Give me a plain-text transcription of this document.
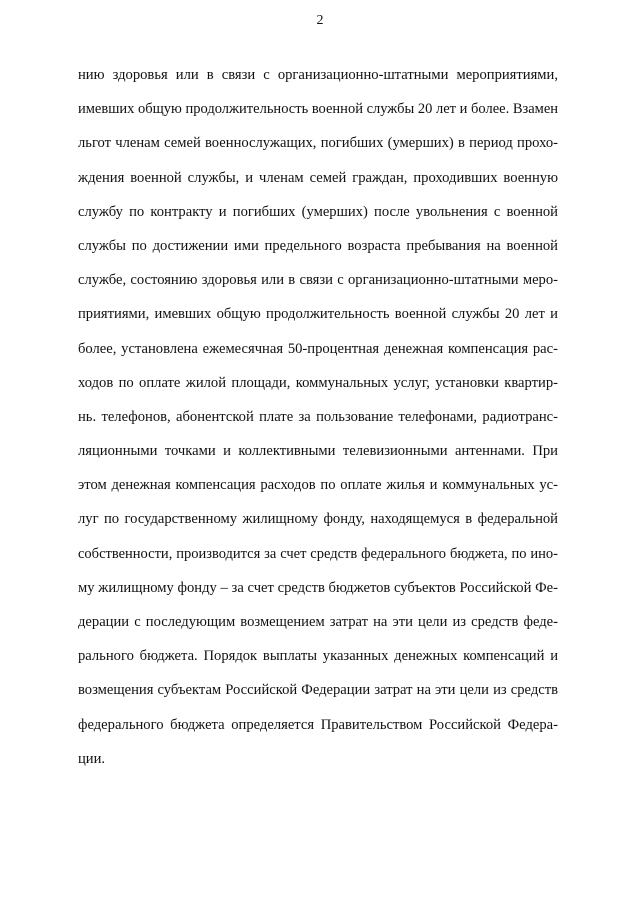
2
нию здоровья или в связи с организационно-штатными мероприятиями,
имевших общую продолжительность военной службы 20 лет и более. Взамен
льгот членам семей военнослужащих, погибших (умерших) в период прохо-
ждения военной службы, и членам семей граждан, проходивших военную
службу по контракту и погибших (умерших) после увольнения с военной
службы по достижении ими предельного возраста пребывания на военной
службе, состоянию здоровья или в связи с организационно-штатными меро-
приятиями, имевших общую продолжительность военной службы 20 лет и
более, установлена ежемесячная 50-процентная денежная компенсация рас-
ходов по оплате жилой площади, коммунальных услуг, установки квартир-
нь. телефонов, абонентской плате за пользование телефонами, радиотранс-
ляционными точками и коллективными телевизионными антеннами. При
этом денежная компенсация расходов по оплате жилья и коммунальных ус-
луг по государственному жилищному фонду, находящемуся в федеральной
собственности, производится за счет средств федерального бюджета, по ино-
му жилищному фонду – за счет средств бюджетов субъектов Российской Фе-
дерации с последующим возмещением затрат на эти цели из средств феде-
рального бюджета. Порядок выплаты указанных денежных компенсаций и
возмещения субъектам Российской Федерации затрат на эти цели из средств
федерального бюджета определяется Правительством Российской Федера-
ции.
